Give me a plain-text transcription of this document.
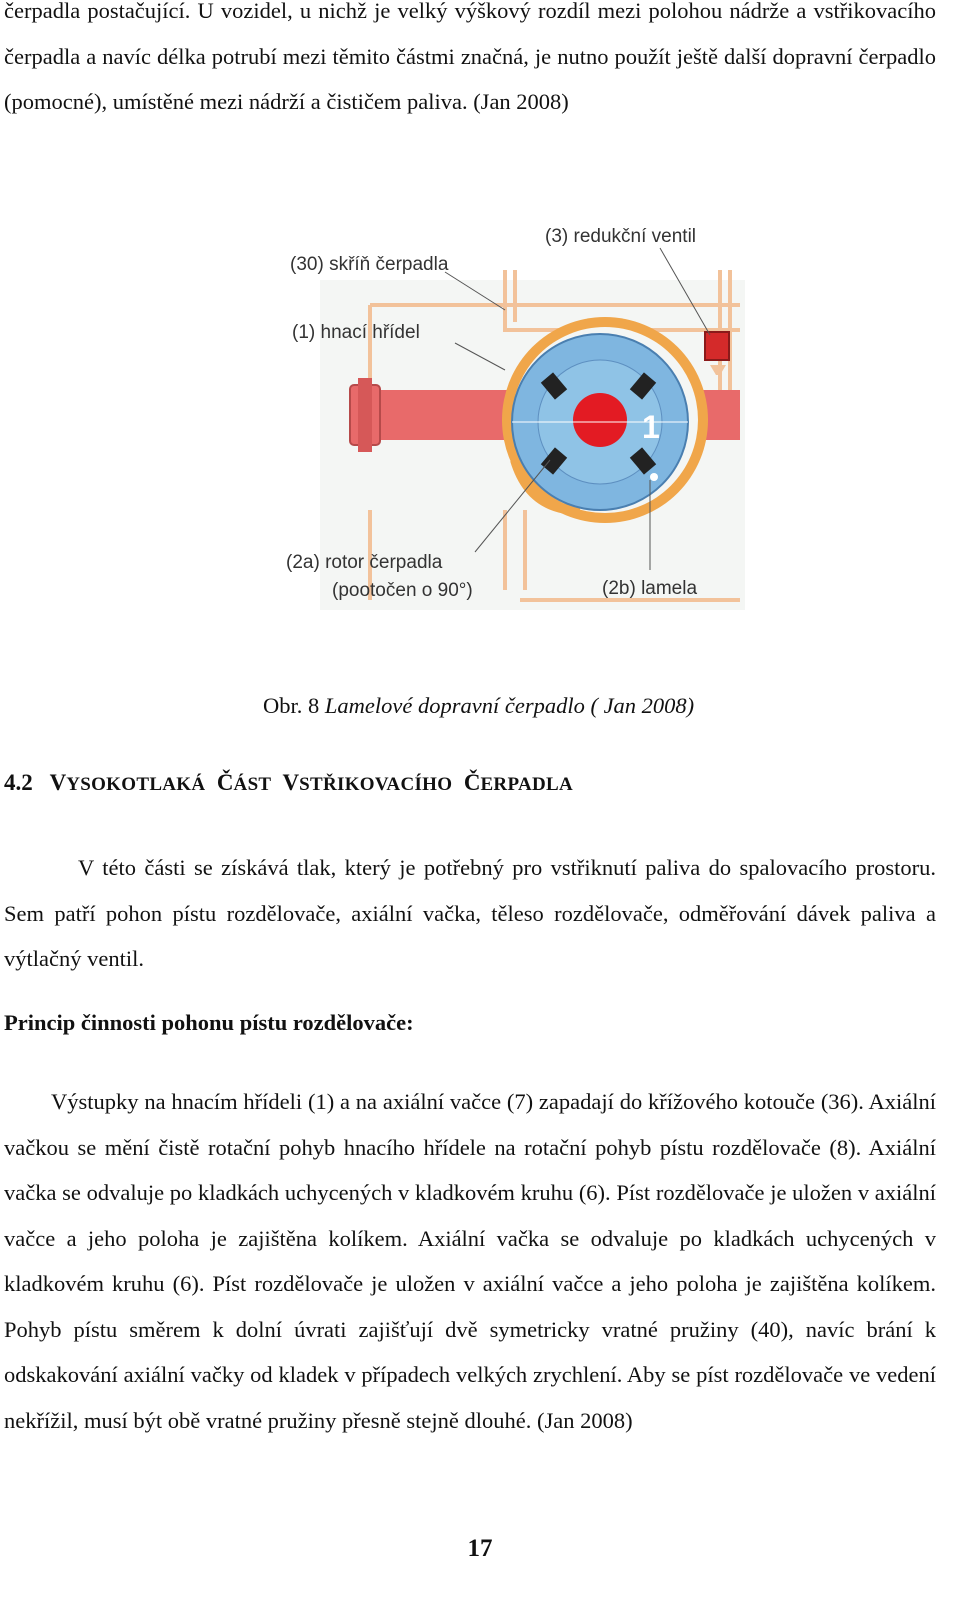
čerpadla postačující. U vozidel, u nichž je velký výškový rozdíl mezi polohou nádrže a vstřikovacího čerpadla a navíc délka potrubí mezi těmito částmi značná, je nutno použít ještě další dopravní čerpadlo (pomocné), umístěné mezi nádrží a čističem paliva. (Jan 2008)

1
(3) redukční ventil
(30) skříň čerpadla
(1) hnací hřídel
(2a) rotor čerpadla
(pootočen o 90°)	(2b) lamela
Obr. 8 Lamelové dopravní čerpadlo ( Jan 2008)
4.2 VYSOKOTLAKÁ ČÁST VSTŘIKOVACÍHO ČERPADLA

V této části se získává tlak, který je potřebný pro vstřiknutí paliva do spalovacího prostoru. Sem patří pohon pístu rozdělovače, axiální vačka, těleso rozdělovače, odměřování dávek paliva a výtlačný ventil.

Princip činnosti pohonu pístu rozdělovače:

Výstupky na hnacím hřídeli (1) a na axiální vačce (7) zapadají do křížového kotouče (36). Axiální vačkou se mění čistě rotační pohyb hnacího hřídele na rotační pohyb pístu rozdělovače (8). Axiální vačka se odvaluje po kladkách uchycených v kladkovém kruhu (6). Píst rozdělovače je uložen v axiální vačce a jeho poloha je zajištěna kolíkem. Axiální vačka se odvaluje po kladkách uchycených v kladkovém kruhu (6). Píst rozdělovače je uložen v axiální vačce a jeho poloha je zajištěna kolíkem. Pohyb pístu směrem k dolní úvrati zajišťují dvě symetricky vratné pružiny (40), navíc brání k odskakování axiální vačky od kladek v případech velkých zrychlení. Aby se píst rozdělovače ve vedení nekřížil, musí být obě vratné pružiny přesně stejně dlouhé. (Jan 2008)

17
